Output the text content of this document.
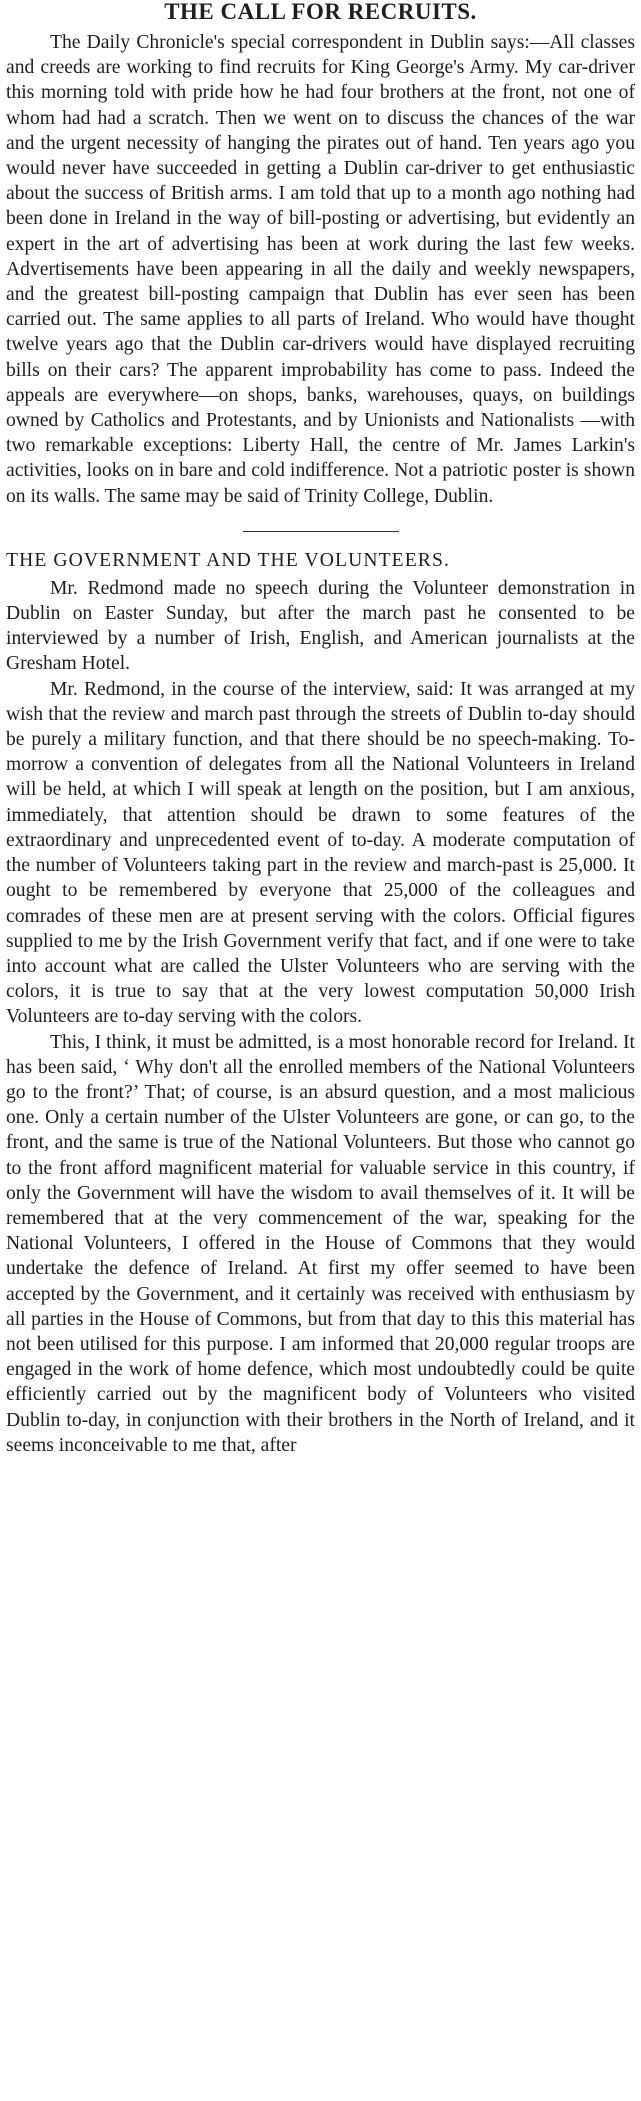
THE CALL FOR RECRUITS.

The Daily Chronicle's special correspondent in Dublin says:—All classes and creeds are working to find recruits for King George's Army. My car-driver this morning told with pride how he had four brothers at the front, not one of whom had had a scratch. Then we went on to discuss the chances of the war and the urgent necessity of hanging the pirates out of hand. Ten years ago you would never have succeeded in getting a Dublin car-driver to get enthusiastic about the success of British arms. I am told that up to a month ago nothing had been done in Ireland in the way of bill-posting or advertising, but evidently an expert in the art of advertising has been at work during the last few weeks. Advertisements have been appearing in all the daily and weekly newspapers, and the greatest bill-posting campaign that Dublin has ever seen has been carried out. The same applies to all parts of Ireland. Who would have thought twelve years ago that the Dublin car-drivers would have displayed recruiting bills on their cars? The apparent improbability has come to pass. Indeed the appeals are everywhere—on shops, banks, warehouses, quays, on buildings owned by Catholics and Protestants, and by Unionists and Nationalists —with two remarkable exceptions: Liberty Hall, the centre of Mr. James Larkin's activities, looks on in bare and cold indifference. Not a patriotic poster is shown on its walls. The same may be said of Trinity College, Dublin.

THE GOVERNMENT AND THE VOLUNTEERS.

Mr. Redmond made no speech during the Volunteer demonstration in Dublin on Easter Sunday, but after the march past he consented to be interviewed by a number of Irish, English, and American journalists at the Gresham Hotel.

Mr. Redmond, in the course of the interview, said: It was arranged at my wish that the review and march past through the streets of Dublin to-day should be purely a military function, and that there should be no speech-making. To-morrow a convention of delegates from all the National Volunteers in Ireland will be held, at which I will speak at length on the position, but I am anxious, immediately, that attention should be drawn to some features of the extraordinary and unprecedented event of to-day. A moderate computation of the number of Volunteers taking part in the review and march-past is 25,000. It ought to be remembered by everyone that 25,000 of the colleagues and comrades of these men are at present serving with the colors. Official figures supplied to me by the Irish Government verify that fact, and if one were to take into account what are called the Ulster Volunteers who are serving with the colors, it is true to say that at the very lowest computation 50,000 Irish Volunteers are to-day serving with the colors.

This, I think, it must be admitted, is a most honorable record for Ireland. It has been said, ‘ Why don't all the enrolled members of the National Volunteers go to the front?’ That; of course, is an absurd question, and a most malicious one. Only a certain number of the Ulster Volunteers are gone, or can go, to the front, and the same is true of the National Volunteers. But those who cannot go to the front afford magnificent material for valuable service in this country, if only the Government will have the wisdom to avail themselves of it. It will be remembered that at the very commencement of the war, speaking for the National Volunteers, I offered in the House of Commons that they would undertake the defence of Ireland. At first my offer seemed to have been accepted by the Government, and it certainly was received with enthusiasm by all parties in the House of Commons, but from that day to this this material has not been utilised for this purpose. I am informed that 20,000 regular troops are engaged in the work of home defence, which most undoubtedly could be quite efficiently carried out by the magnificent body of Volunteers who visited Dublin to-day, in conjunction with their brothers in the North of Ireland, and it seems inconceivable to me that, after
